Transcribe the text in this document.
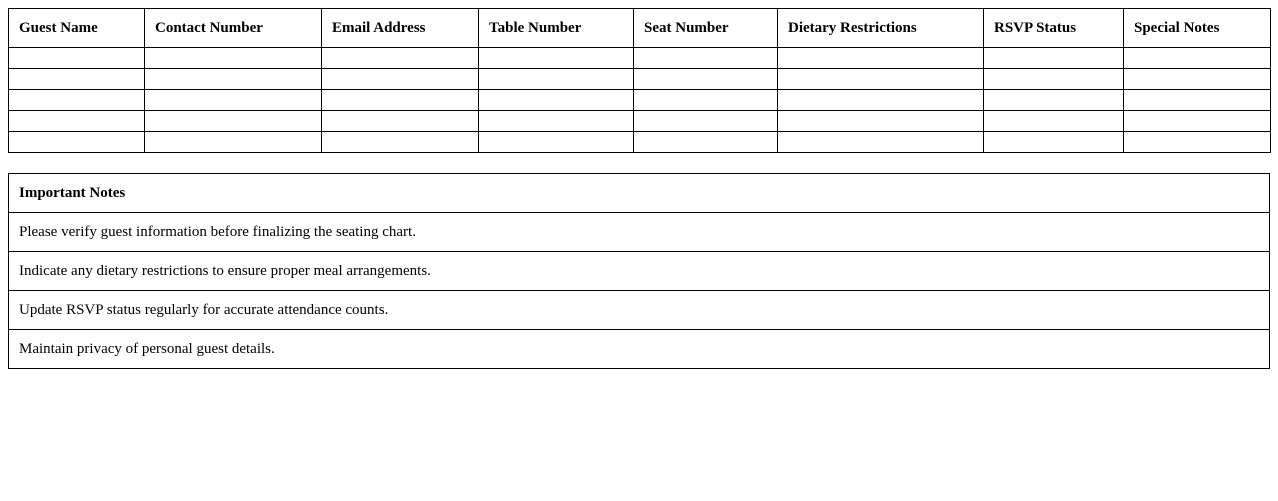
Guest Name	Contact Number	Email Address	Table Number	Seat Number	Dietary Restrictions	RSVP Status	Special Notes

Important Notes
Please verify guest information before finalizing the seating chart.
Indicate any dietary restrictions to ensure proper meal arrangements.
Update RSVP status regularly for accurate attendance counts.
Maintain privacy of personal guest details.
